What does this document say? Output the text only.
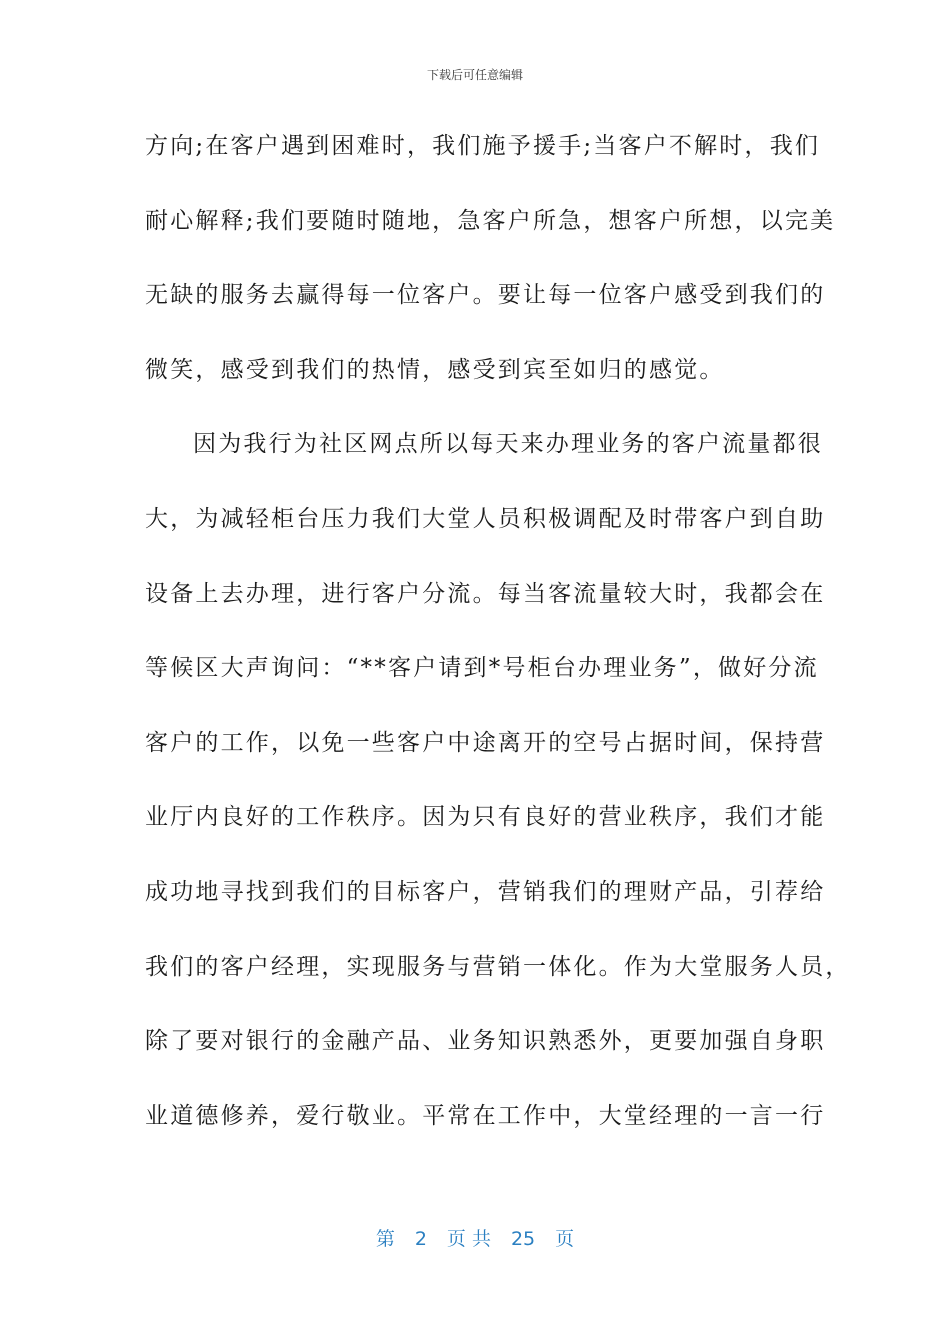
下载后可任意编辑
方向;在客户遇到困难时，我们施予援手;当客户不解时，我们
耐心解释;我们要随时随地，急客户所急，想客户所想，以完美
无缺的服务去赢得每一位客户。要让每一位客户感受到我们的
微笑，感受到我们的热情，感受到宾至如归的感觉。
因为我行为社区网点所以每天来办理业务的客户流量都很
大，为减轻柜台压力我们大堂人员积极调配及时带客户到自助
设备上去办理，进行客户分流。每当客流量较大时，我都会在
等候区大声询问：“**客户请到*号柜台办理业务”，做好分流
客户的工作，以免一些客户中途离开的空号占据时间，保持营
业厅内良好的工作秩序。因为只有良好的营业秩序，我们才能
成功地寻找到我们的目标客户，营销我们的理财产品，引荐给
我们的客户经理，实现服务与营销一体化。作为大堂服务人员，
除了要对银行的金融产品、业务知识熟悉外，更要加强自身职
业道德修养，爱行敬业。平常在工作中，大堂经理的一言一行
第 2 页 共 25 页
